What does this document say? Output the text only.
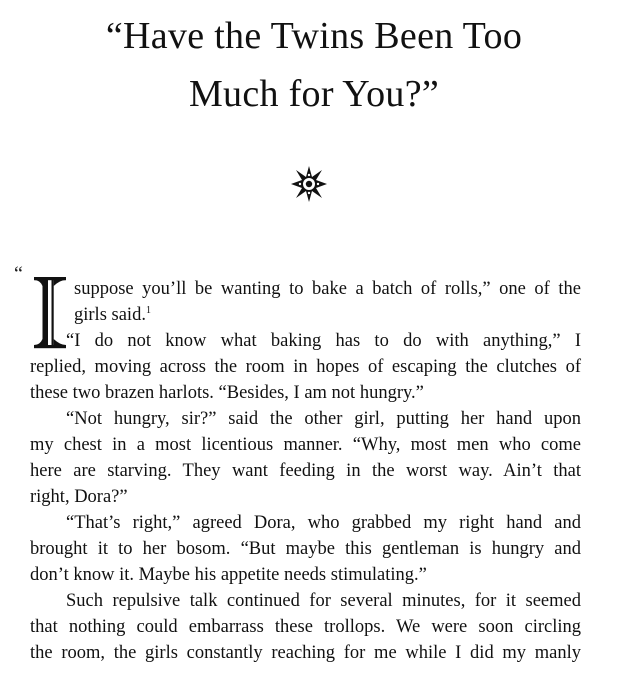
“Have the Twins Been Too
Much for You?”
“
suppose you’ll be wanting to bake a batch of rolls,” one of the
girls said.$^1$
“I do not know what baking has to do with anything,” I
replied, moving across the room in hopes of escaping the clutches of
these two brazen harlots. “Besides, I am not hungry.”
“Not hungry, sir?” said the other girl, putting her hand upon
my chest in a most licentious manner. “Why, most men who come
here are starving. They want feeding in the worst way. Ain’t that
right, Dora?”
“That’s right,” agreed Dora, who grabbed my right hand and
brought it to her bosom. “But maybe this gentleman is hungry and
don’t know it. Maybe his appetite needs stimulating.”
Such repulsive talk continued for several minutes, for it seemed
that nothing could embarrass these trollops. We were soon circling
the room, the girls constantly reaching for me while I did my manly
